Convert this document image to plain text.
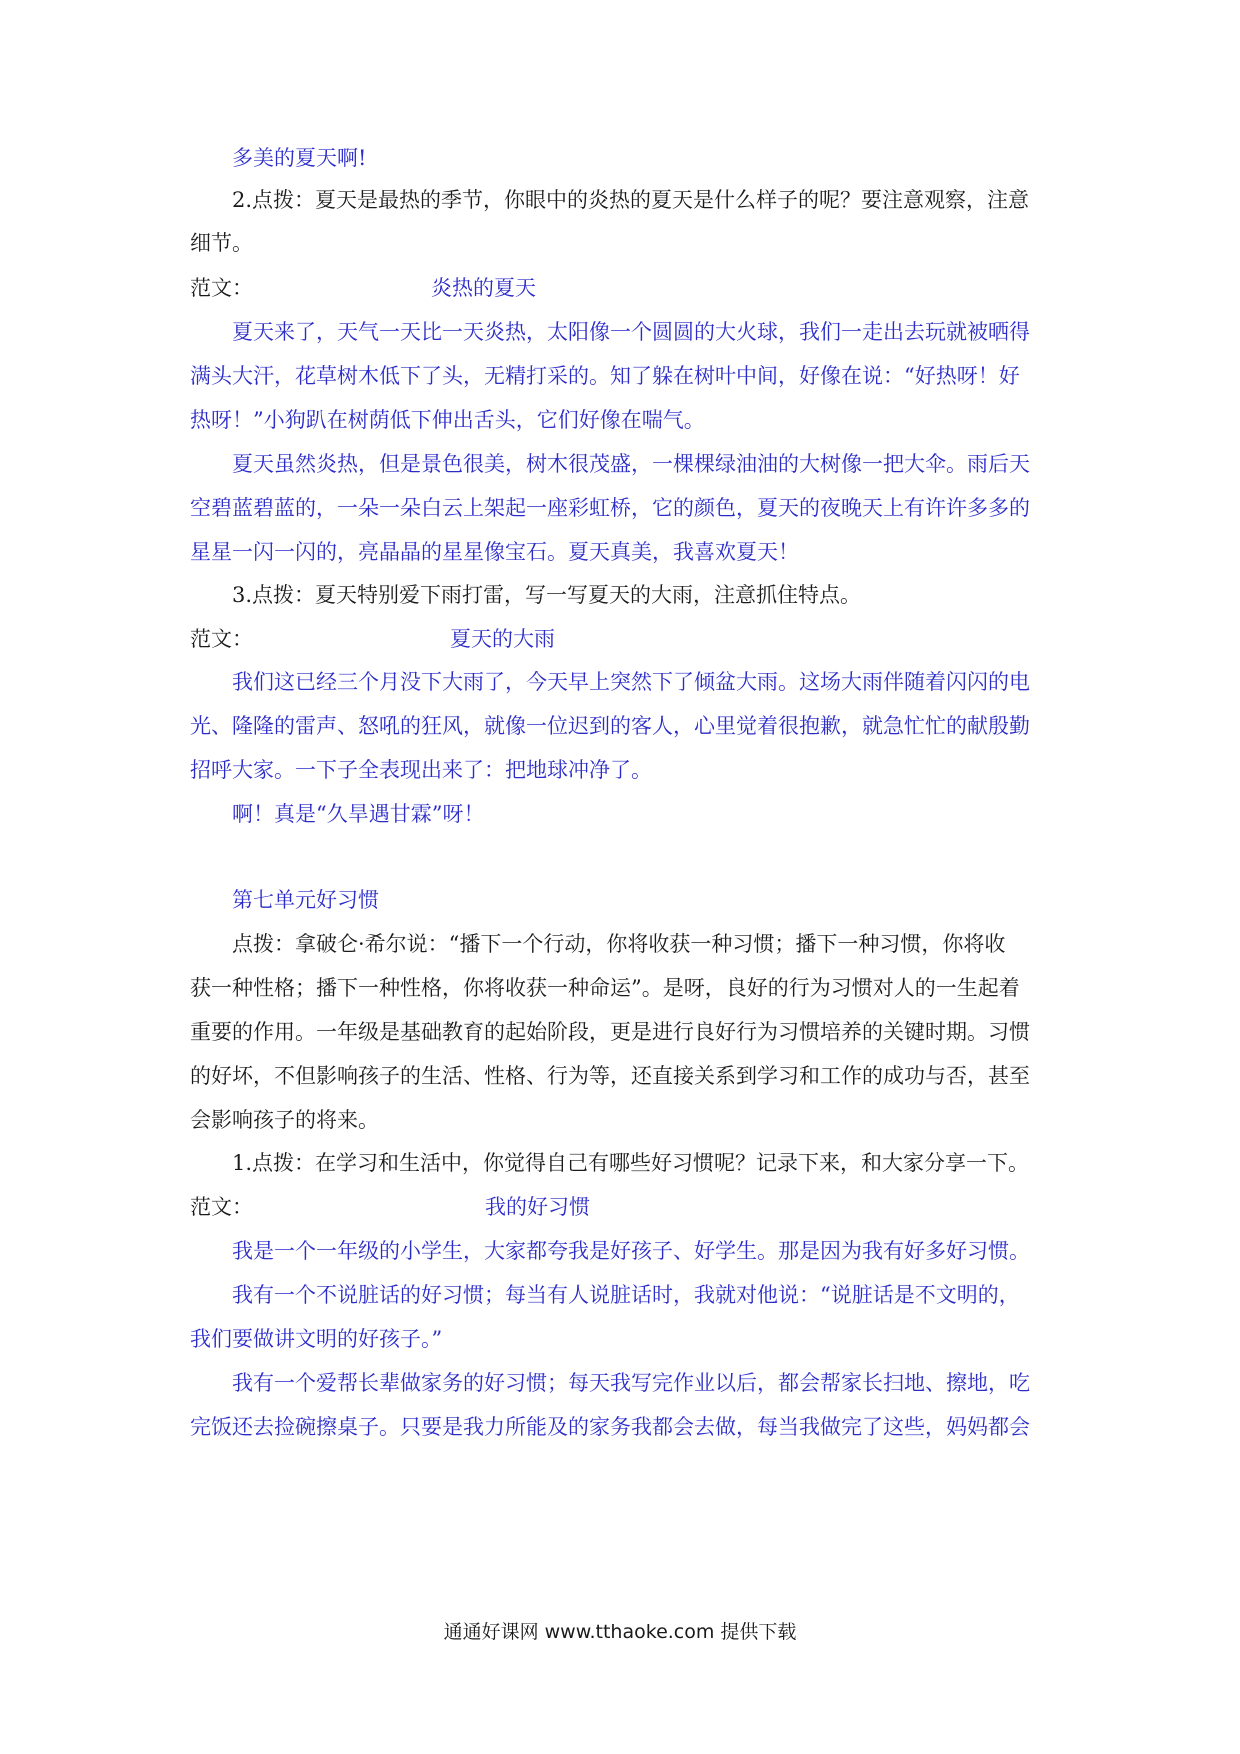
多美的夏天啊!

2.点拨：夏天是最热的季节，你眼中的炎热的夏天是什么样子的呢？要注意观察，注意

细节。

范文：	炎热的夏天

夏天来了，天气一天比一天炎热，太阳像一个圆圆的大火球，我们一走出去玩就被晒得

满头大汗，花草树木低下了头，无精打采的。知了躲在树叶中间，好像在说：“好热呀！好

热呀！”小狗趴在树荫低下伸出舌头，它们好像在喘气。

夏天虽然炎热，但是景色很美，树木很茂盛，一棵棵绿油油的大树像一把大伞。雨后天

空碧蓝碧蓝的，一朵一朵白云上架起一座彩虹桥，它的颜色，夏天的夜晚天上有许许多多的

星星一闪一闪的，亮晶晶的星星像宝石。夏天真美，我喜欢夏天！

3.点拨：夏天特别爱下雨打雷，写一写夏天的大雨，注意抓住特点。

范文：	夏天的大雨

我们这已经三个月没下大雨了，今天早上突然下了倾盆大雨。这场大雨伴随着闪闪的电

光、隆隆的雷声、怒吼的狂风，就像一位迟到的客人，心里觉着很抱歉，就急忙忙的献殷勤

招呼大家。一下子全表现出来了：把地球冲净了。

啊！真是“久旱遇甘霖”呀！

第七单元好习惯

点拨：拿破仑·希尔说：“播下一个行动，你将收获一种习惯；播下一种习惯，你将收

获一种性格；播下一种性格，你将收获一种命运”。是呀，良好的行为习惯对人的一生起着

重要的作用。一年级是基础教育的起始阶段，更是进行良好行为习惯培养的关键时期。习惯

的好坏，不但影响孩子的生活、性格、行为等，还直接关系到学习和工作的成功与否，甚至

会影响孩子的将来。

1.点拨：在学习和生活中，你觉得自己有哪些好习惯呢？记录下来，和大家分享一下。

范文：	我的好习惯

我是一个一年级的小学生，大家都夸我是好孩子、好学生。那是因为我有好多好习惯。

我有一个不说脏话的好习惯；每当有人说脏话时，我就对他说：“说脏话是不文明的，

我们要做讲文明的好孩子。”

我有一个爱帮长辈做家务的好习惯；每天我写完作业以后，都会帮家长扫地、擦地，吃

完饭还去捡碗擦桌子。只要是我力所能及的家务我都会去做，每当我做完了这些，妈妈都会

通通好课网 www.tthaoke.com 提供下载
